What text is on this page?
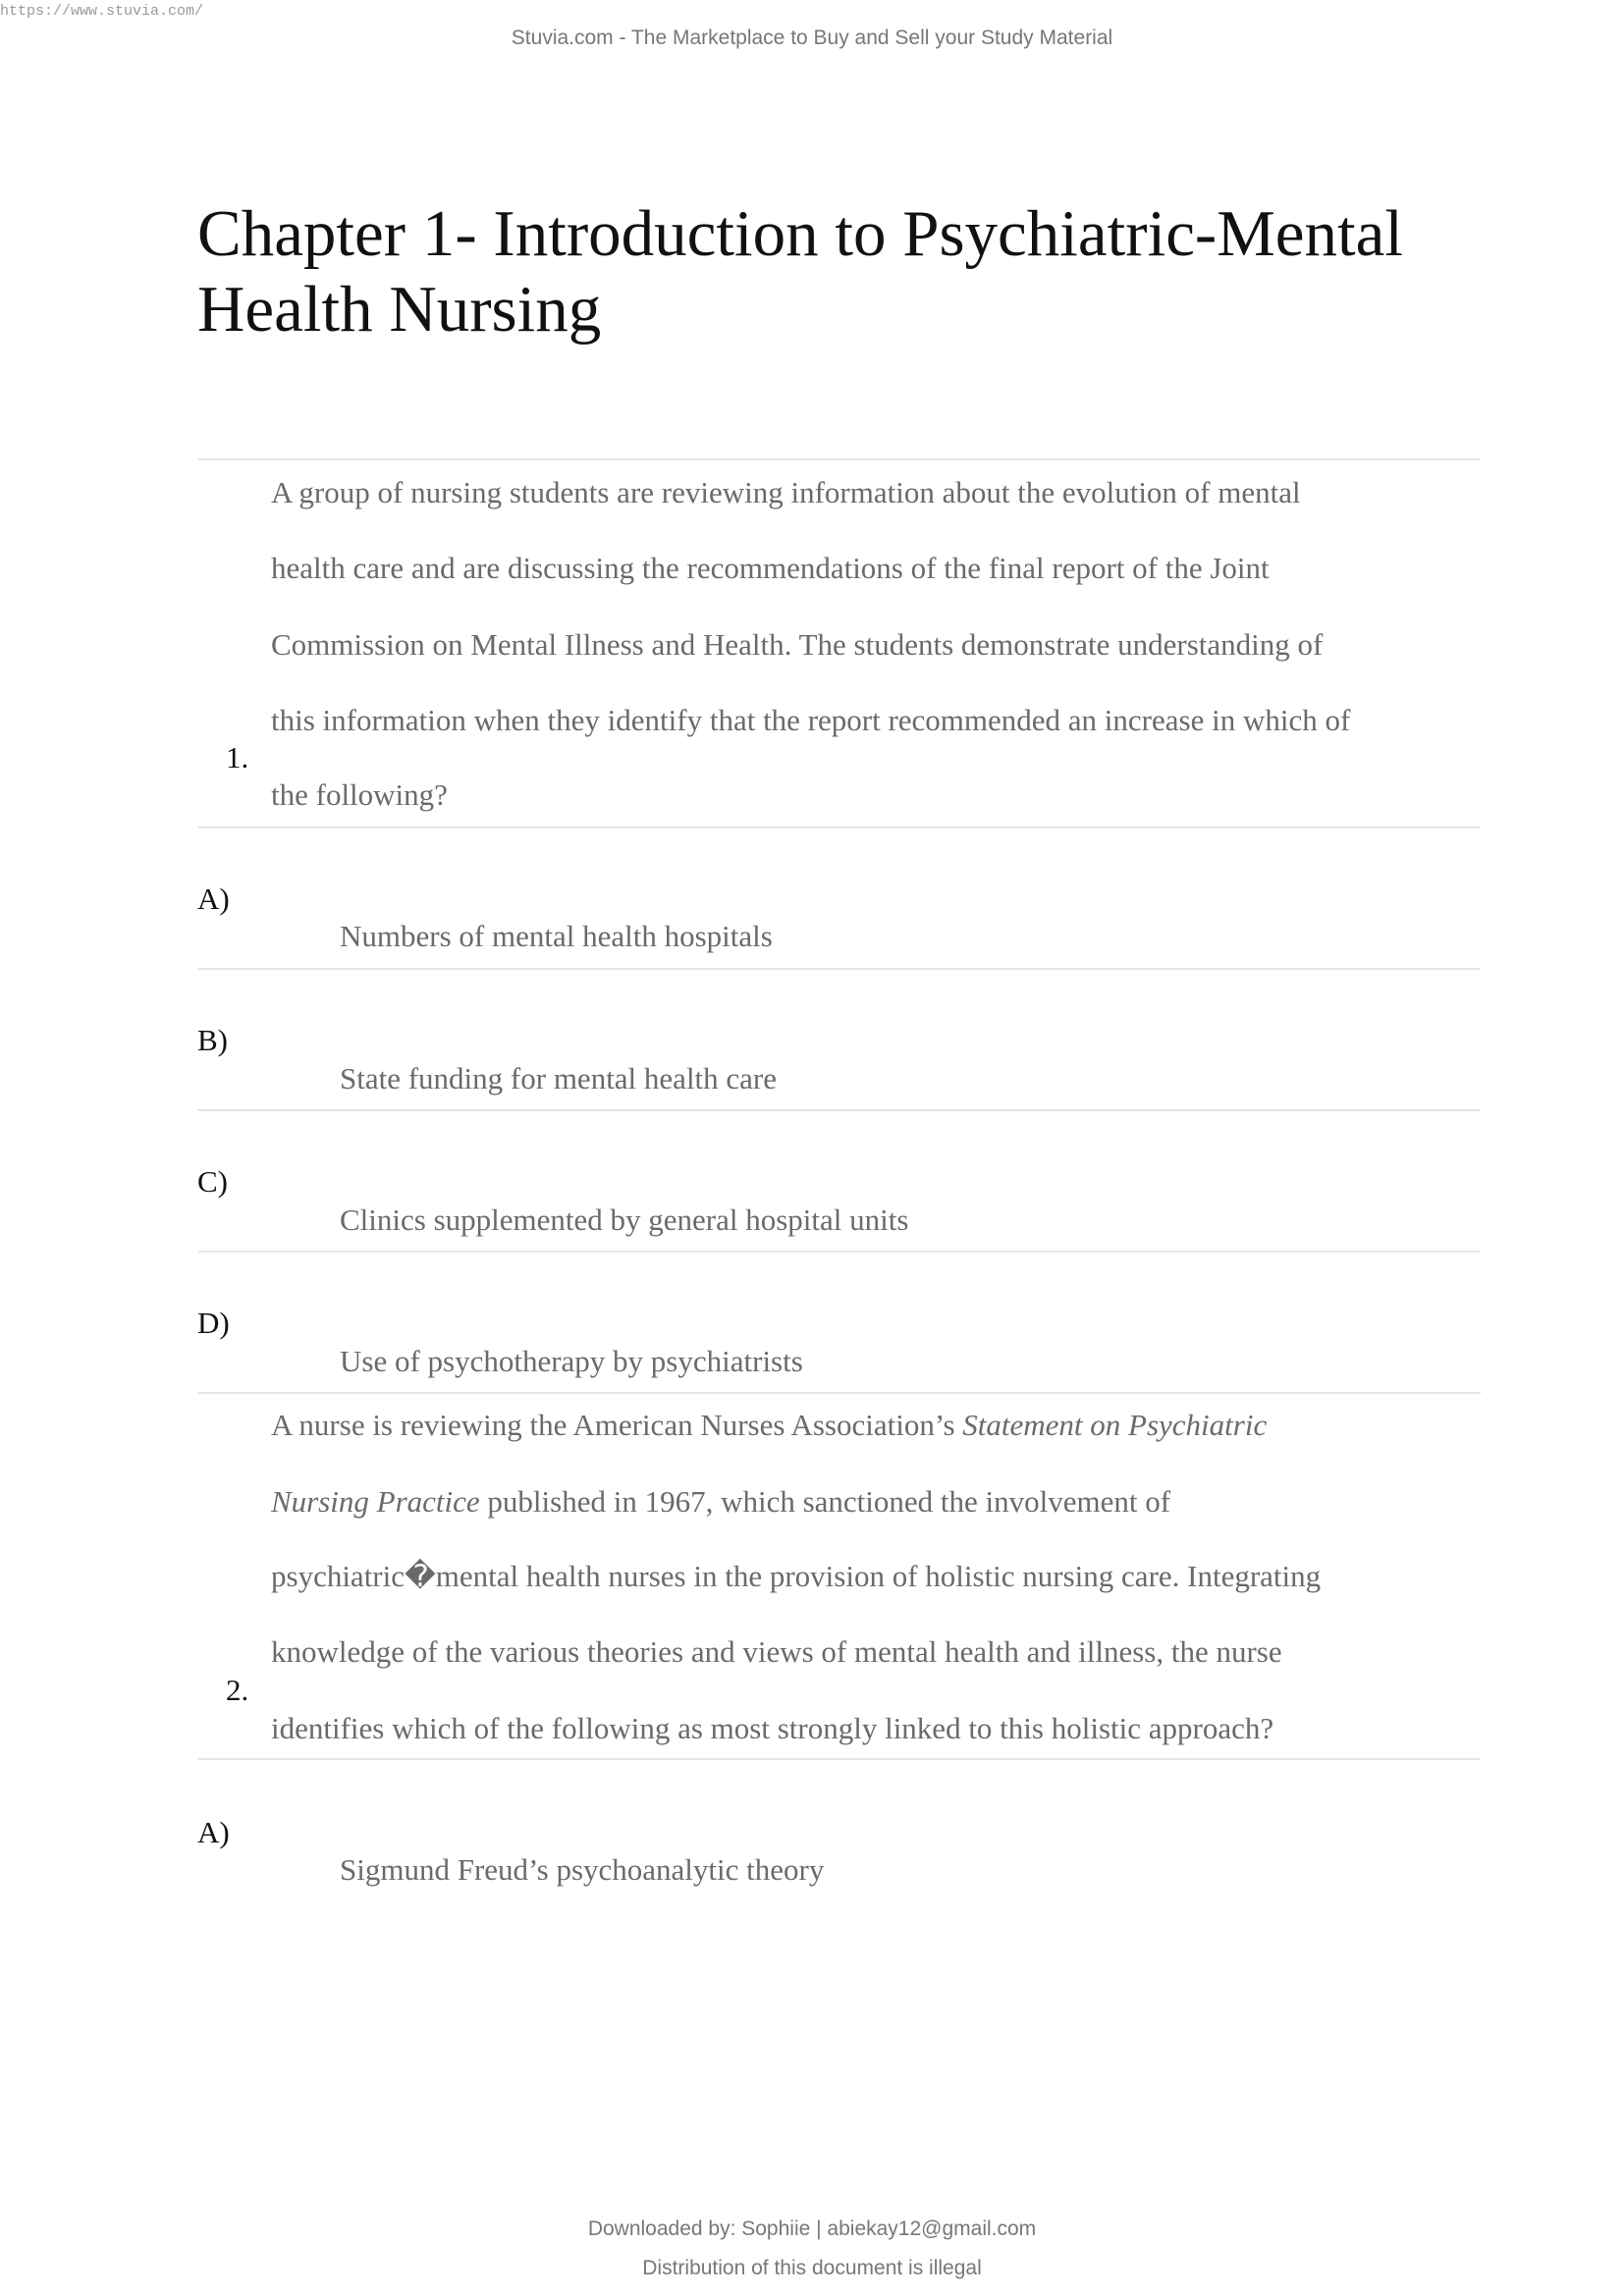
https://www.stuvia.com/
Stuvia.com - The Marketplace to Buy and Sell your Study Material
Chapter 1- Introduction to Psychiatric-Mental Health Nursing
A group of nursing students are reviewing information about the evolution of mental
health care and are discussing the recommendations of the final report of the Joint
Commission on Mental Illness and Health. The students demonstrate understanding of
this information when they identify that the report recommended an increase in which of
the following?
1.
A)
Numbers of mental health hospitals
B)
State funding for mental health care
C)
Clinics supplemented by general hospital units
D)
Use of psychotherapy by psychiatrists
A nurse is reviewing the American Nurses Association’s Statement on Psychiatric
Nursing Practice published in 1967, which sanctioned the involvement of
psychiatric�mental health nurses in the provision of holistic nursing care. Integrating
knowledge of the various theories and views of mental health and illness, the nurse
identifies which of the following as most strongly linked to this holistic approach?
2.
A)
Sigmund Freud’s psychoanalytic theory
Downloaded by: Sophiie | abiekay12@gmail.com
Distribution of this document is illegal
